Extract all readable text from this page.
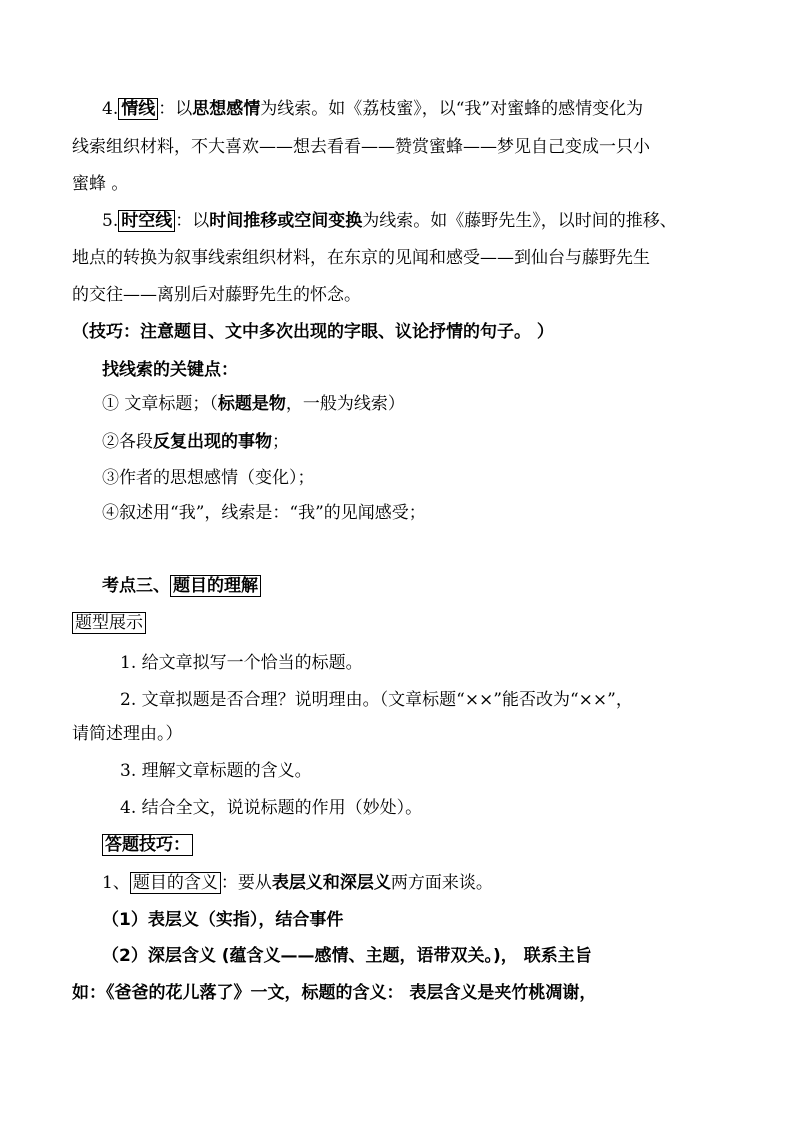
4. 情线 ：以思想感情为线索。如《荔枝蜜》，以“我”对蜜蜂的感情变化为
线索组织材料，不大喜欢——想去看看——赞赏蜜蜂——梦见自己变成一只小
蜜蜂 。
5. 时空线 ：以时间推移或空间变换为线索。如《藤野先生》，以时间的推移、
地点的转换为叙事线索组织材料，在东京的见闻和感受——到仙台与藤野先生
的交往——离别后对藤野先生的怀念。
（技巧：注意题目、文中多次出现的字眼、议论抒情的句子。 ）
找线索的关键点：
① 文章标题；（标题是物，一般为线索）
②各段反复出现的事物；
③作者的思想感情（变化）；
④叙述用“我”，线索是：“我”的见闻感受；
考点三、 题目的理解
题型展示
1. 给文章拟写一个恰当的标题。
2. 文章拟题是否合理？说明理由。（文章标题“××”能否改为“××”，
请简述理由。）
3. 理解文章标题的含义。
4. 结合全文，说说标题的作用（妙处）。
答题技巧：
1、 题目的含义 ：要从表层义和深层义两方面来谈。
（1）表层义（实指），结合事件
（2）深层含义 (蕴含义——感情、主题，语带双关。)， 联系主旨
如：《爸爸的花儿落了》一文，标题的含义： 表层含义是夹竹桃凋谢，
